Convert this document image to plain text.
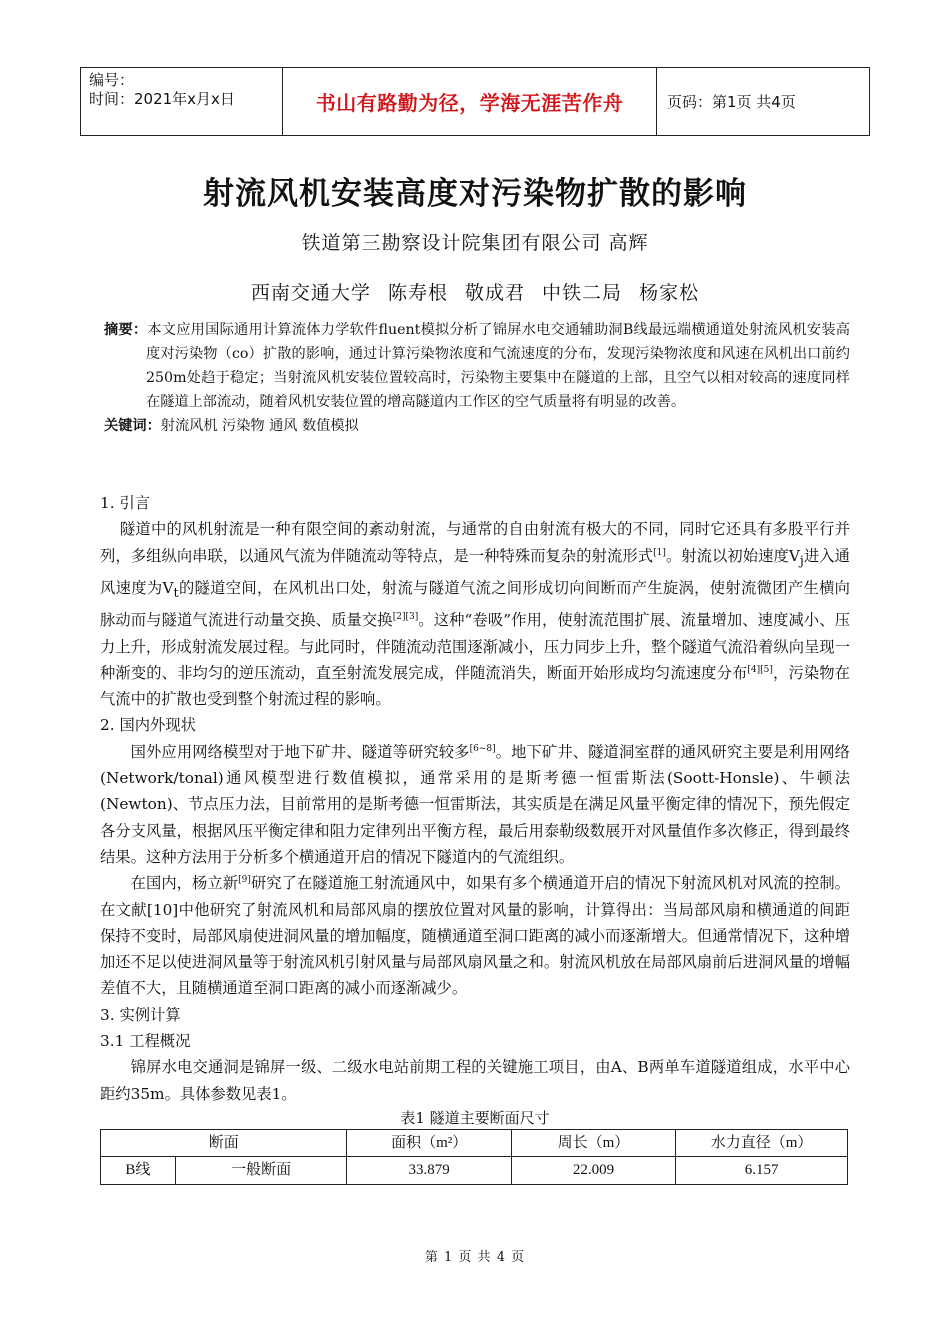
编号：
时间：2021年x月x日	书山有路勤为径，学海无涯苦作舟	页码：第1页 共4页
射流风机安装高度对污染物扩散的影响
铁道第三勘察设计院集团有限公司 高辉
西南交通大学 陈寿根 敬成君 中铁二局 杨家松
摘要：本文应用国际通用计算流体力学软件fluent模拟分析了锦屏水电交通辅助洞B线最远端横通道处射流风机安装高度对污染物（co）扩散的影响，通过计算污染物浓度和气流速度的分布，发现污染物浓度和风速在风机出口前约250m处趋于稳定；当射流风机安装位置较高时，污染物主要集中在隧道的上部，且空气以相对较高的速度同样在隧道上部流动，随着风机安装位置的增高隧道内工作区的空气质量将有明显的改善。
关键词：射流风机 污染物 通风 数值模拟

1. 引言

隧道中的风机射流是一种有限空间的紊动射流，与通常的自由射流有极大的不同，同时它还具有多股平行并列，多组纵向串联，以通风气流为伴随流动等特点，是一种特殊而复杂的射流形式[1]。射流以初始速度$V_j$进入通风速度为$V_t$的隧道空间，在风机出口处，射流与隧道气流之间形成切向间断而产生旋涡，使射流微团产生横向脉动而与隧道气流进行动量交换、质量交换[2][3]。这种“卷吸”作用，使射流范围扩展、流量增加、速度减小、压力上升，形成射流发展过程。与此同时，伴随流动范围逐渐减小，压力同步上升，整个隧道气流沿着纵向呈现一种渐变的、非均匀的逆压流动，直至射流发展完成，伴随流消失，断面开始形成均匀流速度分布[4][5]，污染物在气流中的扩散也受到整个射流过程的影响。

2. 国内外现状

国外应用网络模型对于地下矿井、隧道等研究较多[6~8]。地下矿井、隧道洞室群的通风研究主要是利用网络(Network/tonal)通风模型进行数值模拟，通常采用的是斯考德一恒雷斯法(Soott-Honsle)、牛顿法(Newton)、节点压力法，目前常用的是斯考德一恒雷斯法，其实质是在满足风量平衡定律的情况下，预先假定各分支风量，根据风压平衡定律和阻力定律列出平衡方程，最后用泰勒级数展开对风量值作多次修正，得到最终结果。这种方法用于分析多个横通道开启的情况下隧道内的气流组织。

在国内，杨立新[9]研究了在隧道施工射流通风中，如果有多个横通道开启的情况下射流风机对风流的控制。在文献[10]中他研究了射流风机和局部风扇的摆放位置对风量的影响，计算得出：当局部风扇和横通道的间距保持不变时，局部风扇使进洞风量的增加幅度，随横通道至洞口距离的减小而逐渐增大。但通常情况下，这种增加还不足以使进洞风量等于射流风机引射风量与局部风扇风量之和。射流风机放在局部风扇前后进洞风量的增幅差值不大，且随横通道至洞口距离的减小而逐渐减少。

3. 实例计算

3.1 工程概况

锦屏水电交通洞是锦屏一级、二级水电站前期工程的关键施工项目，由A、B两单车道隧道组成，水平中心距约35m。具体参数见表1。

表1 隧道主要断面尺寸
断面		面积（m²）	周长（m）	水力直径（m）
B线	一般断面	33.879	22.009	6.157
第 1 页 共 4 页
